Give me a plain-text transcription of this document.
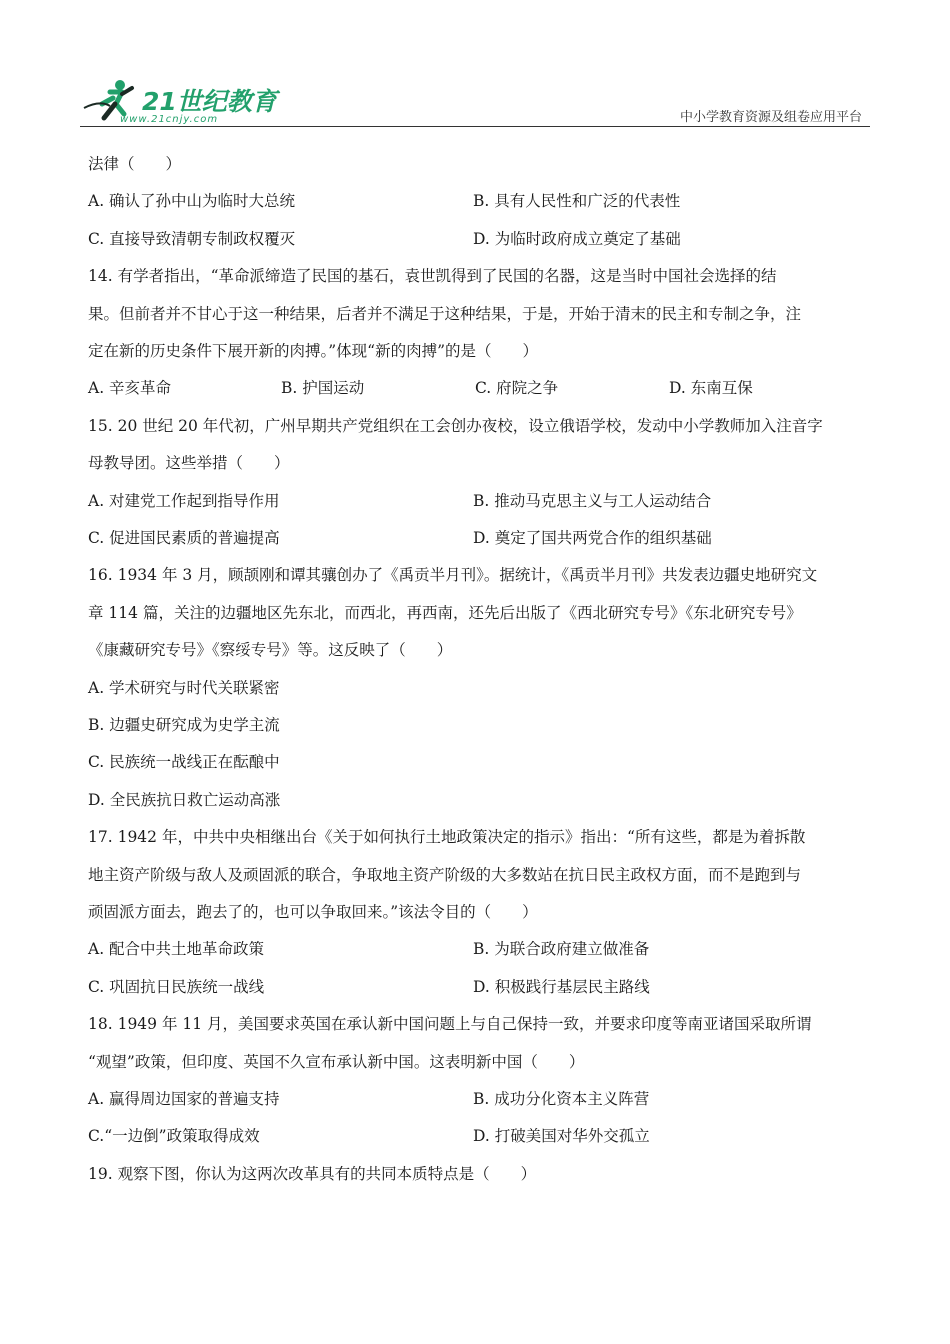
21世纪教育
www.21cnjy.com	中小学教育资源及组卷应用平台
法律（　　）
A. 确认了孙中山为临时大总统	B. 具有人民性和广泛的代表性
C. 直接导致清朝专制政权覆灭	D. 为临时政府成立奠定了基础
14. 有学者指出，“革命派缔造了民国的基石，袁世凯得到了民国的名器，这是当时中国社会选择的结
果。但前者并不甘心于这一种结果，后者并不满足于这种结果，于是，开始于清末的民主和专制之争，注
定在新的历史条件下展开新的肉搏。”体现“新的肉搏”的是（　　）
A. 辛亥革命	B. 护国运动	C. 府院之争	D. 东南互保
15. 20 世纪 20 年代初，广州早期共产党组织在工会创办夜校，设立俄语学校，发动中小学教师加入注音字
母教导团。这些举措（　　）
A. 对建党工作起到指导作用	B. 推动马克思主义与工人运动结合
C. 促进国民素质的普遍提高	D. 奠定了国共两党合作的组织基础
16. 1934 年 3 月，顾颉刚和谭其骧创办了《禹贡半月刊》。据统计，《禹贡半月刊》共发表边疆史地研究文
章 114 篇，关注的边疆地区先东北，而西北，再西南，还先后出版了《西北研究专号》《东北研究专号》
《康藏研究专号》《察绥专号》等。这反映了（　　）
A. 学术研究与时代关联紧密
B. 边疆史研究成为史学主流
C. 民族统一战线正在酝酿中
D. 全民族抗日救亡运动高涨
17. 1942 年，中共中央相继出台《关于如何执行土地政策决定的指示》指出：“所有这些，都是为着拆散
地主资产阶级与敌人及顽固派的联合，争取地主资产阶级的大多数站在抗日民主政权方面，而不是跑到与
顽固派方面去，跑去了的，也可以争取回来。”该法令目的（　　）
A. 配合中共土地革命政策	B. 为联合政府建立做准备
C. 巩固抗日民族统一战线	D. 积极践行基层民主路线
18. 1949 年 11 月，美国要求英国在承认新中国问题上与自己保持一致，并要求印度等南亚诸国采取所谓
“观望”政策，但印度、英国不久宣布承认新中国。这表明新中国（　　）
A. 赢得周边国家的普遍支持	B. 成功分化资本主义阵营
C.“一边倒”政策取得成效	D. 打破美国对华外交孤立
19. 观察下图，你认为这两次改革具有的共同本质特点是（　　）
